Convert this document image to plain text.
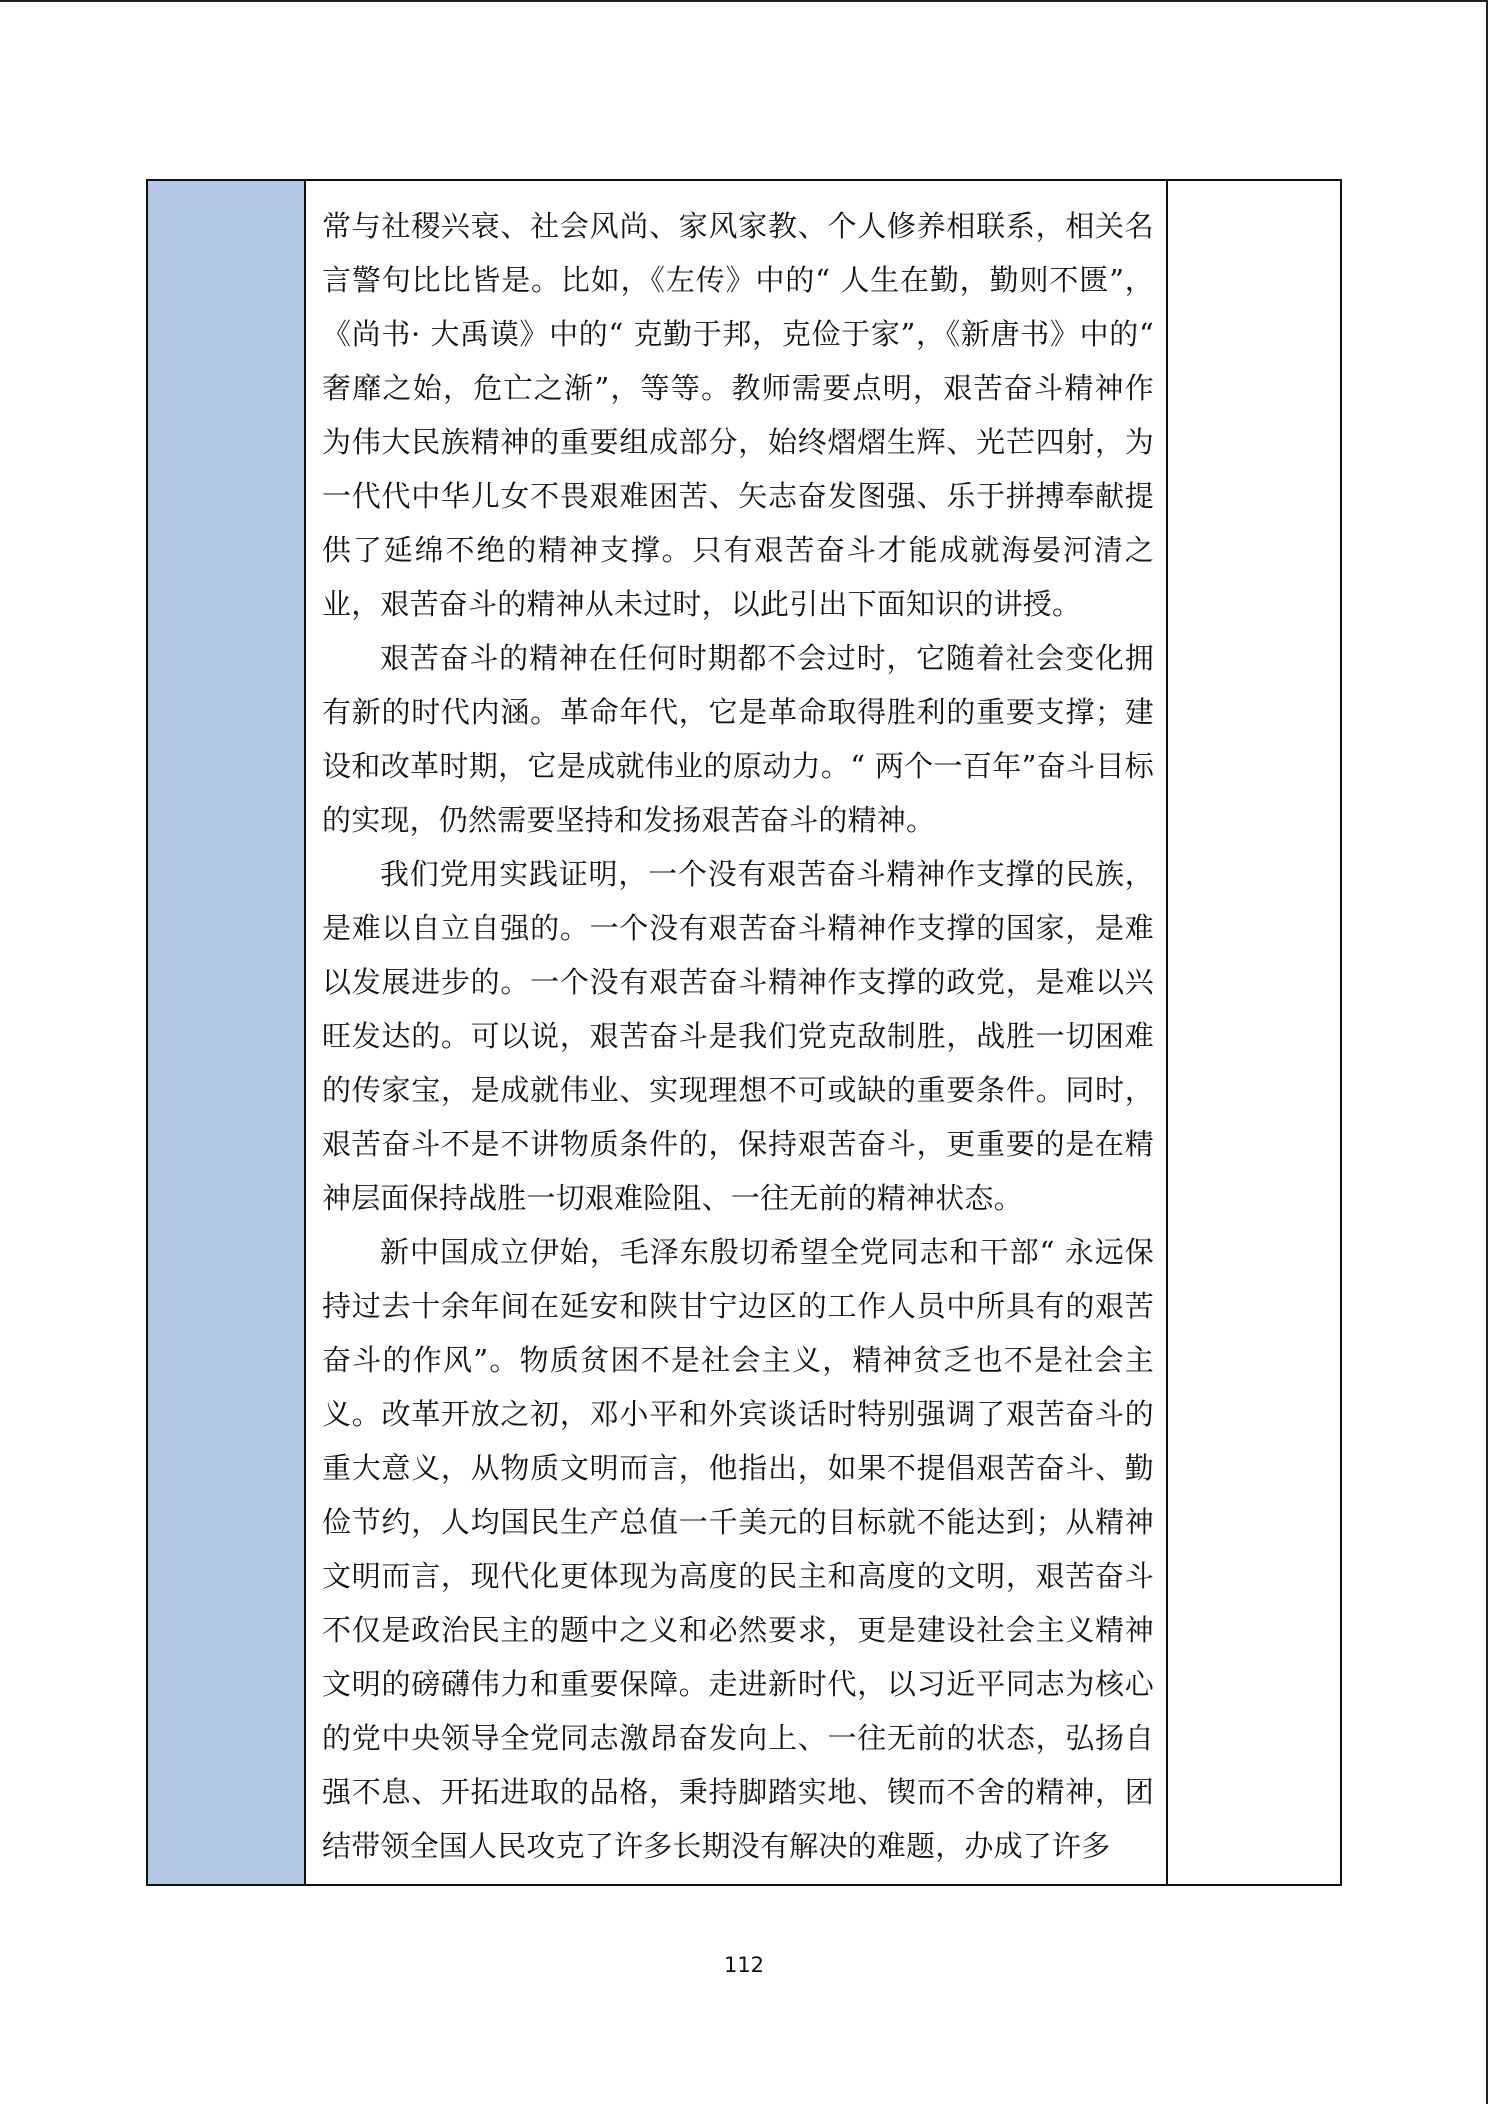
常与社稷兴衰、社会风尚、家风家教、个人修养相联系，相关名言警句比比皆是。比如，《左传》中的“ 人生在勤，勤则不匮”，《尚书· 大禹谟》中的“ 克勤于邦，克俭于家”，《新唐书》中的“ 奢靡之始，危亡之渐”，等等。教师需要点明，艰苦奋斗精神作为伟大民族精神的重要组成部分，始终熠熠生辉、光芒四射，为一代代中华儿女不畏艰难困苦、矢志奋发图强、乐于拼搏奉献提供了延绵不绝的精神支撑。只有艰苦奋斗才能成就海晏河清之业，艰苦奋斗的精神从未过时，以此引出下面知识的讲授。

艰苦奋斗的精神在任何时期都不会过时，它随着社会变化拥有新的时代内涵。革命年代，它是革命取得胜利的重要支撑；建设和改革时期，它是成就伟业的原动力。“ 两个一百年”奋斗目标的实现，仍然需要坚持和发扬艰苦奋斗的精神。

我们党用实践证明，一个没有艰苦奋斗精神作支撑的民族，是难以自立自强的。一个没有艰苦奋斗精神作支撑的国家，是难以发展进步的。一个没有艰苦奋斗精神作支撑的政党，是难以兴旺发达的。可以说，艰苦奋斗是我们党克敌制胜，战胜一切困难的传家宝，是成就伟业、实现理想不可或缺的重要条件。同时，艰苦奋斗不是不讲物质条件的，保持艰苦奋斗，更重要的是在精神层面保持战胜一切艰难险阻、一往无前的精神状态。

新中国成立伊始，毛泽东殷切希望全党同志和干部“ 永远保持过去十余年间在延安和陕甘宁边区的工作人员中所具有的艰苦奋斗的作风”。物质贫困不是社会主义，精神贫乏也不是社会主义。改革开放之初，邓小平和外宾谈话时特别强调了艰苦奋斗的重大意义，从物质文明而言，他指出，如果不提倡艰苦奋斗、勤俭节约，人均国民生产总值一千美元的目标就不能达到；从精神文明而言，现代化更体现为高度的民主和高度的文明，艰苦奋斗不仅是政治民主的题中之义和必然要求，更是建设社会主义精神文明的磅礴伟力和重要保障。走进新时代，以习近平同志为核心的党中央领导全党同志激昂奋发向上、一往无前的状态，弘扬自强不息、开拓进取的品格，秉持脚踏实地、锲而不舍的精神，团结带领全国人民攻克了许多长期没有解决的难题，办成了许多

112
